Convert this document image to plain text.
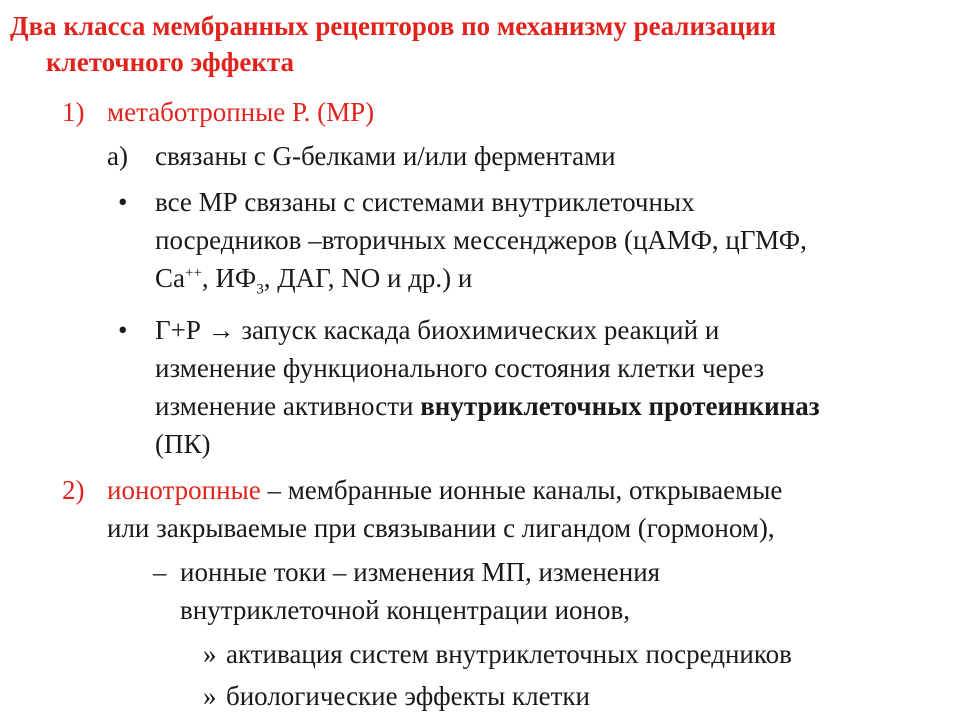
Два класса мембранных рецепторов по механизму реализации
клеточного эффекта
1) метаботропные Р. (МР)
а) связаны с G-белками и/или ферментами
• все МР связаны с системами внутриклеточных
посредников –вторичных мессенджеров (цАМФ, цГМФ,
Ca++, $ИФ_3$, ДАГ, NO и др.) и
• Г+Р → запуск каскада биохимических реакций и
изменение функционального состояния клетки через
изменение активности внутриклеточных протеинкиназ
(ПК)
2) ионотропные – мембранные ионные каналы, открываемые
или закрываемые при связывании с лигандом (гормоном),
– ионные токи – изменения МП, изменения
внутриклеточной концентрации ионов,
» активация систем внутриклеточных посредников
» биологические эффекты клетки
